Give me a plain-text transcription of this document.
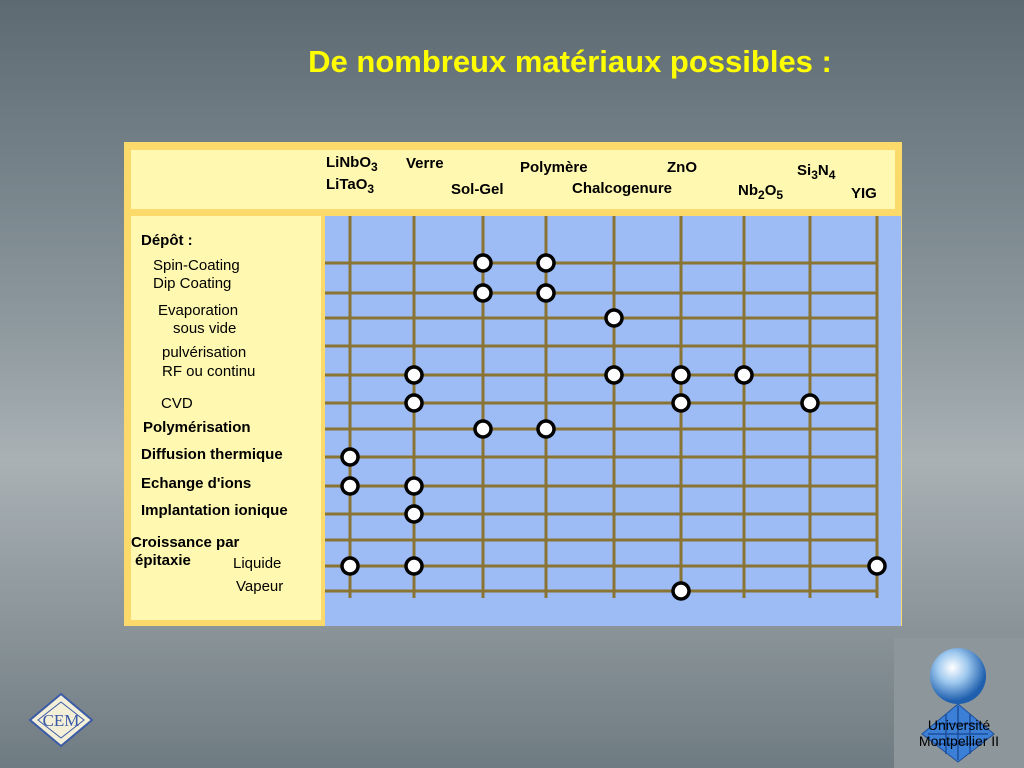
De nombreux matériaux possibles :
LiNbO$_3$
LiTaO$_3$
Verre
Sol-Gel
Polymère
Chalcogenure
ZnO
$Nb_2O_5$
$Si_3N_4$
YIG
Dépôt :
Spin-Coating
Dip Coating
Evaporation
sous vide
pulvérisation
RF ou continu
CVD
Polymérisation
Diffusion thermique
Echange d'ions
Implantation ionique
Croissance par
épitaxie	Liquide
Vapeur
CEM	Université
Montpellier II
